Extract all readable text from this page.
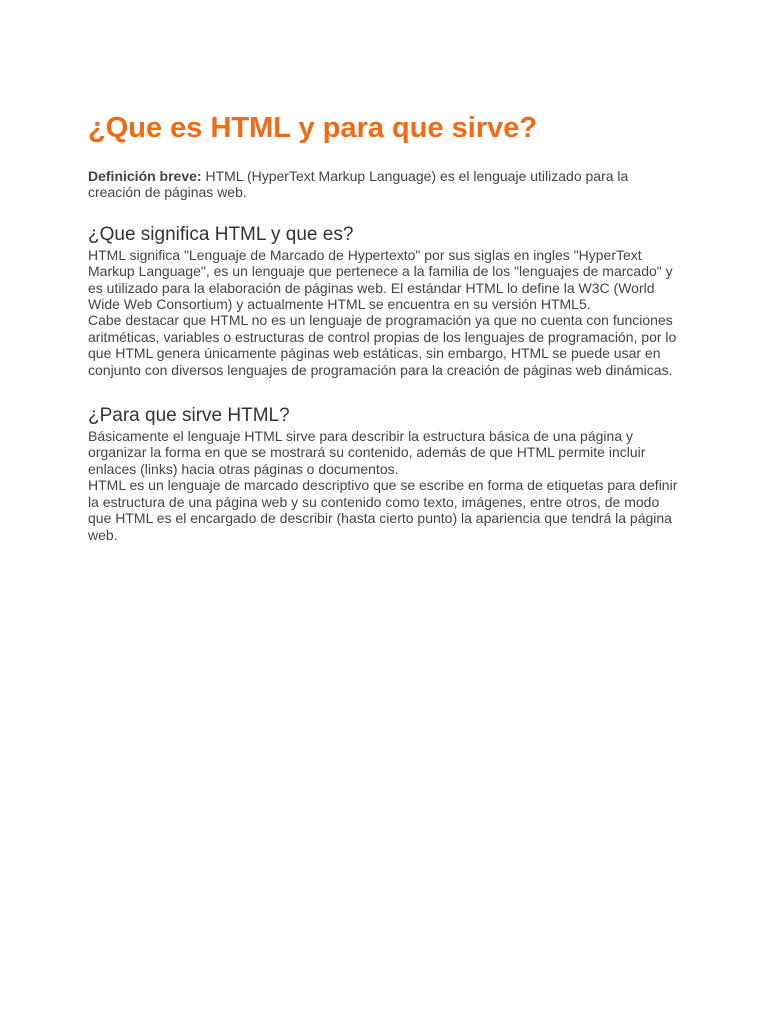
¿Que es HTML y para que sirve?

Definición breve: HTML (HyperText Markup Language) es el lenguaje utilizado para la creación de páginas web.

¿Que significa HTML y que es?

HTML significa "Lenguaje de Marcado de Hypertexto" por sus siglas en ingles "HyperText Markup Language", es un lenguaje que pertenece a la familia de los "lenguajes de marcado" y es utilizado para la elaboración de páginas web. El estándar HTML lo define la W3C (World Wide Web Consortium) y actualmente HTML se encuentra en su versión HTML5.

Cabe destacar que HTML no es un lenguaje de programación ya que no cuenta con funciones aritméticas, variables o estructuras de control propias de los lenguajes de programación, por lo que HTML genera únicamente páginas web estáticas, sin embargo, HTML se puede usar en conjunto con diversos lenguajes de programación para la creación de páginas web dinámicas.

¿Para que sirve HTML?

Básicamente el lenguaje HTML sirve para describir la estructura básica de una página y organizar la forma en que se mostrará su contenido, además de que HTML permite incluir enlaces (links) hacia otras páginas o documentos.

HTML es un lenguaje de marcado descriptivo que se escribe en forma de etiquetas para definir la estructura de una página web y su contenido como texto, imágenes, entre otros, de modo que HTML es el encargado de describir (hasta cierto punto) la apariencia que tendrá la página web.
